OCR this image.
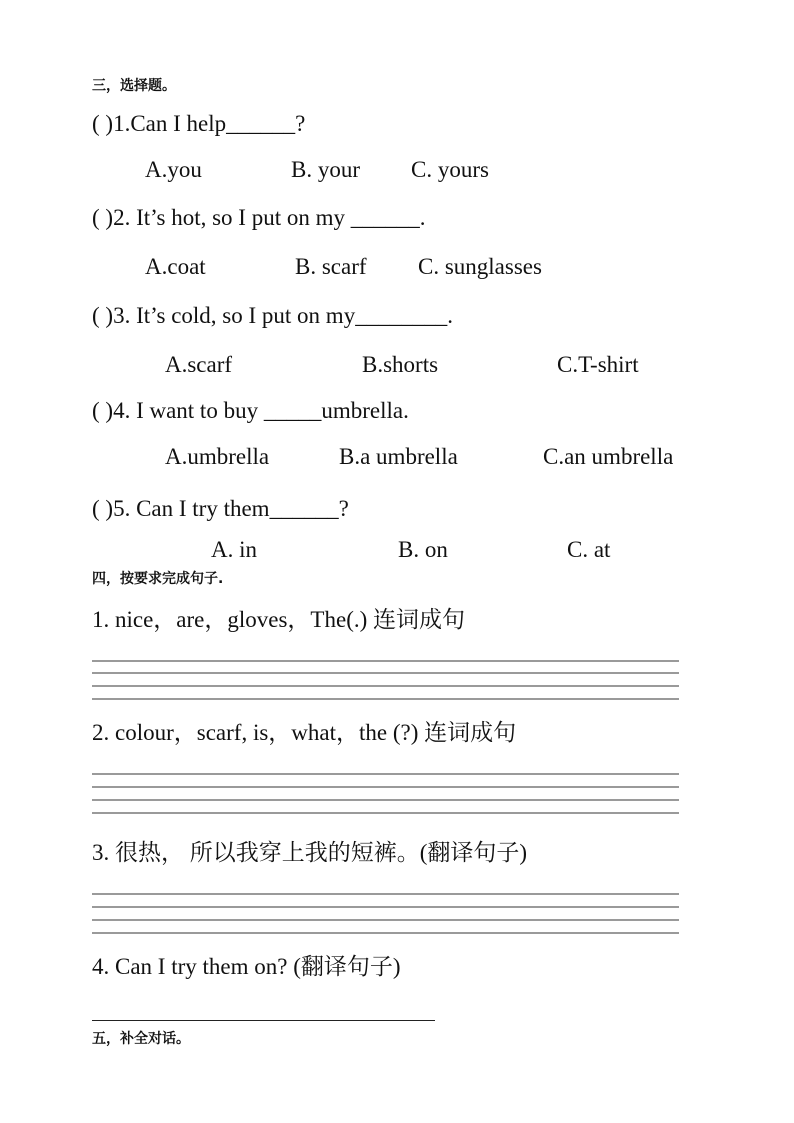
三，选择题。
( )1.Can I help______?
A.you	B. your C. yours
( )2. It’s hot, so I put on my ______.
A.coat	B. scarf C. sunglasses
( )3. It’s cold, so I put on my________.
A.scarf	B.shorts	C.T-shirt
( )4. I want to buy _____umbrella.
A.umbrella	B.a umbrella	C.an umbrella
( )5. Can I try them______?
A. in	B. on	C. at
四，按要求完成句子.
1. nice，are，gloves，The(.) 连词成句
2. colour，scarf, is，what，the (?) 连词成句
3. 很热， 所以我穿上我的短裤。(翻译句子)
4. Can I try them on? (翻译句子)
五，补全对话。
